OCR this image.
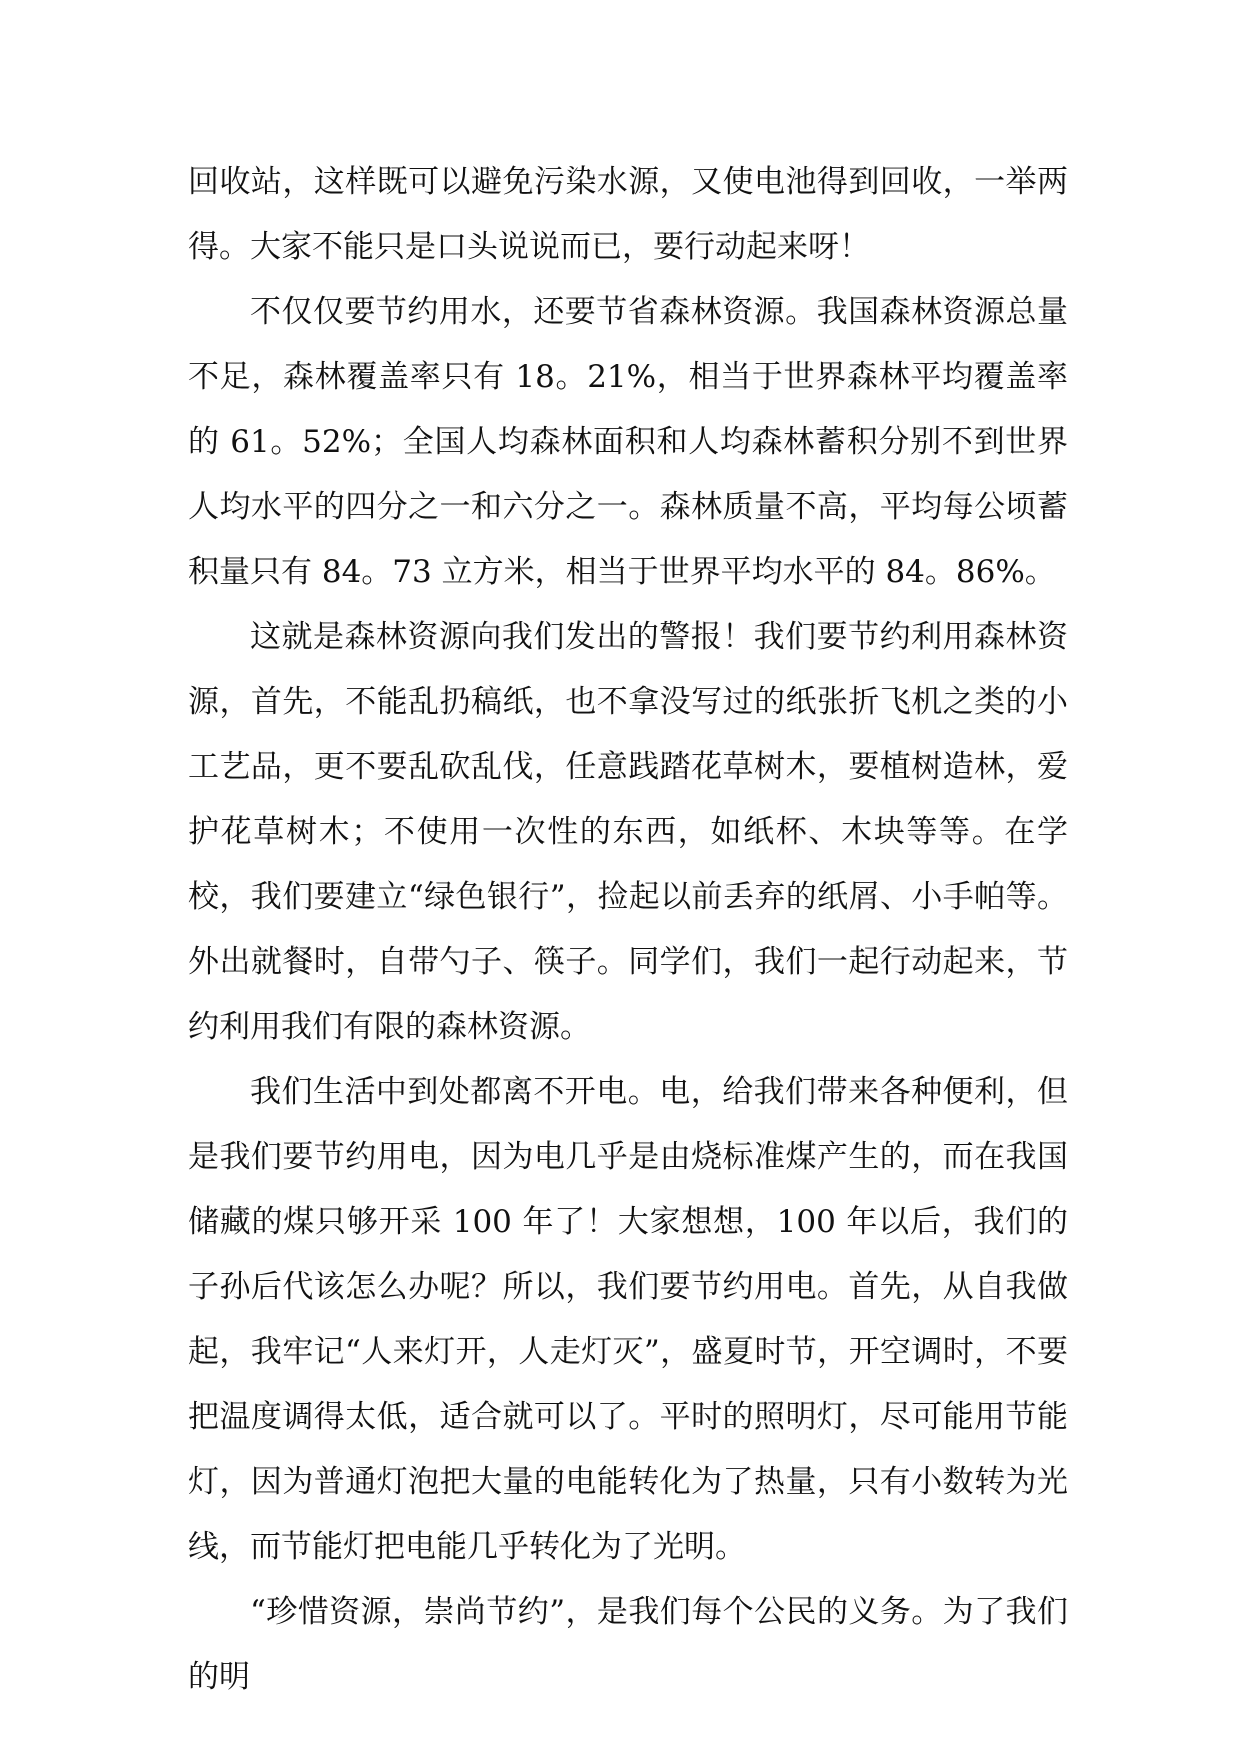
回收站，这样既可以避免污染水源，又使电池得到回收，一举两得。大家不能只是口头说说而已，要行动起来呀！

不仅仅要节约用水，还要节省森林资源。我国森林资源总量不足，森林覆盖率只有 18。21%，相当于世界森林平均覆盖率的 61。52%；全国人均森林面积和人均森林蓄积分别不到世界人均水平的四分之一和六分之一。森林质量不高，平均每公顷蓄积量只有 84。73 立方米，相当于世界平均水平的 84。86%。

这就是森林资源向我们发出的警报！我们要节约利用森林资源，首先，不能乱扔稿纸，也不拿没写过的纸张折飞机之类的小工艺品，更不要乱砍乱伐，任意践踏花草树木，要植树造林，爱护花草树木；不使用一次性的东西，如纸杯、木块等等。在学校，我们要建立“绿色银行”，捡起以前丢弃的纸屑、小手帕等。外出就餐时，自带勺子、筷子。同学们，我们一起行动起来，节约利用我们有限的森林资源。

我们生活中到处都离不开电。电，给我们带来各种便利，但是我们要节约用电，因为电几乎是由烧标准煤产生的，而在我国储藏的煤只够开采 100 年了！大家想想，100 年以后，我们的子孙后代该怎么办呢？所以，我们要节约用电。首先，从自我做起，我牢记“人来灯开，人走灯灭”，盛夏时节，开空调时，不要把温度调得太低，适合就可以了。平时的照明灯，尽可能用节能灯，因为普通灯泡把大量的电能转化为了热量，只有小数转为光线，而节能灯把电能几乎转化为了光明。

“珍惜资源，崇尚节约”，是我们每个公民的义务。为了我们的明
